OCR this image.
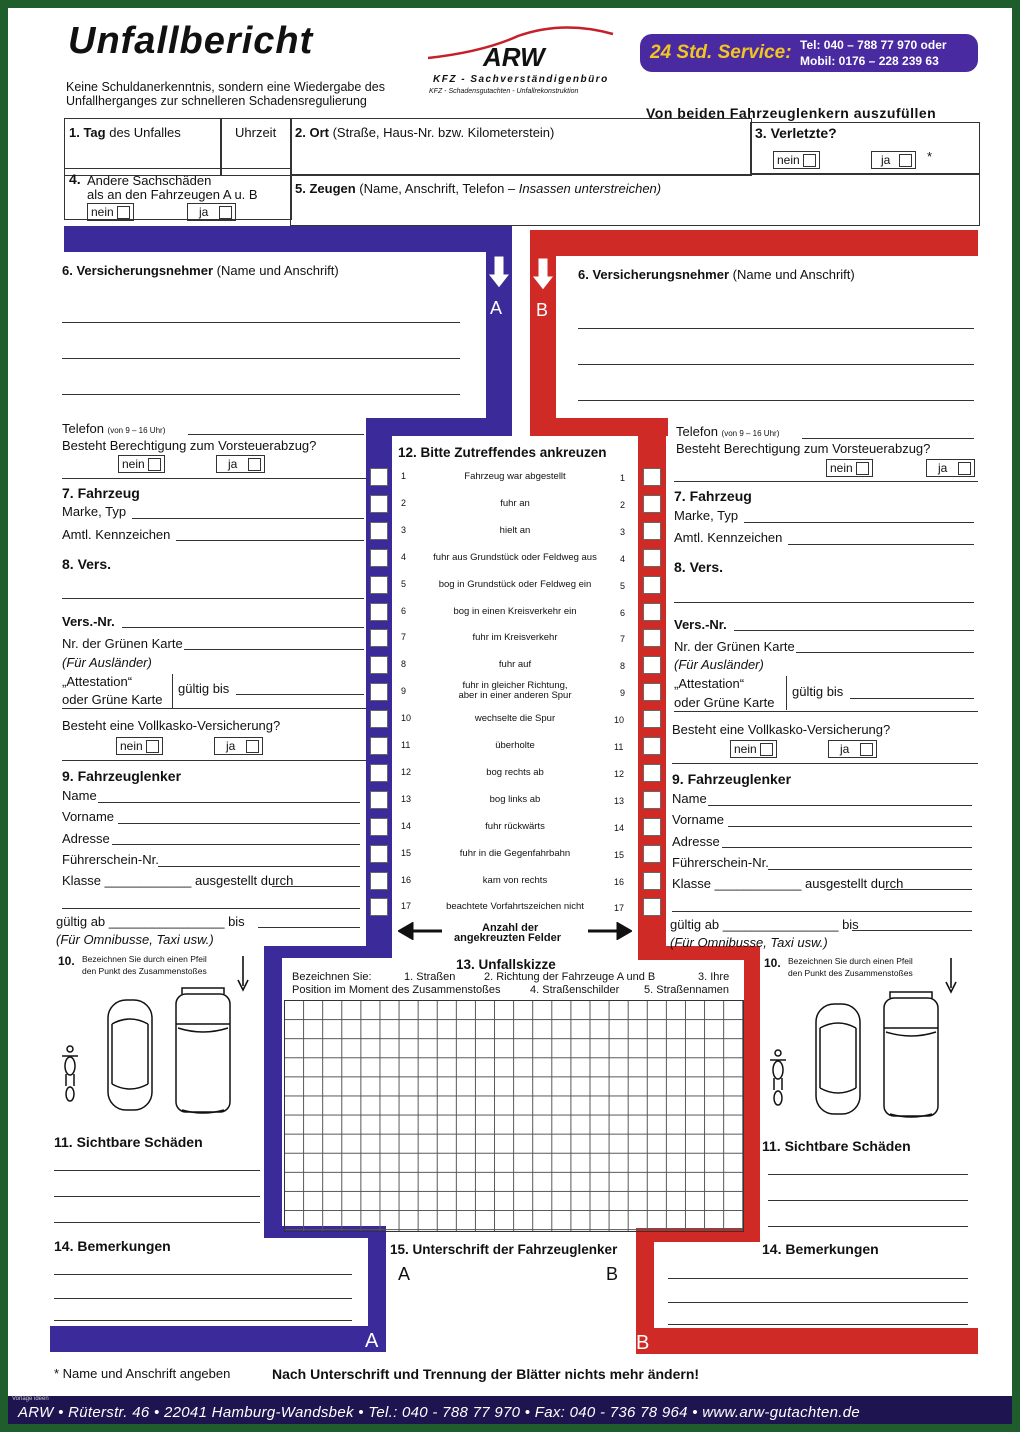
Unfallbericht
Keine Schuldanerkenntnis, sondern eine Wiedergabe des
Unfallherganges zur schnelleren Schadensregulierung
ARW
KFZ - Sachverständigenbüro
KFZ - Schadensgutachten - Unfallrekonstruktion
24 Std. Service: Tel: 040 – 788 77 970 oder
Mobil: 0176 – 228 239 63
Von beiden Fahrzeuglenkern auszufüllen
1. Tag des Unfalles	Uhrzeit 2. Ort (Straße, Haus-Nr. bzw. Kilometerstein)	3. Verletzte?
nein	ja	*
4. Andere Sachschäden
als an den Fahrzeugen A u. B
nein	ja
5. Zeugen (Name, Anschrift, Telefon – Insassen unterstreichen)
A B
6. Versicherungsnehmer (Name und Anschrift)
Telefon (von 9 – 16 Uhr)
Besteht Berechtigung zum Vorsteuerabzug?
nein	ja
7. Fahrzeug
Marke, Typ
Amtl. Kennzeichen
8. Vers.
Vers.-Nr.
Nr. der Grünen Karte
(Für Ausländer)
„Attestation“
oder Grüne Karte
gültig bis
Besteht eine Vollkasko-Versicherung?
nein	ja
9. Fahrzeuglenker
Name
Vorname
Adresse
Führerschein-Nr.
Klasse ____________ ausgestellt durch
gültig ab ________________ bis
(Für Omnibusse, Taxi usw.)
10. Bezeichnen Sie durch einen Pfeil
den Punkt des Zusammenstoßes
11. Sichtbare Schäden
14. Bemerkungen
6. Versicherungsnehmer (Name und Anschrift)
Telefon (von 9 – 16 Uhr)
Besteht Berechtigung zum Vorsteuerabzug?
nein	ja
7. Fahrzeug
Marke, Typ
Amtl. Kennzeichen
8. Vers.
Vers.-Nr.
Nr. der Grünen Karte
(Für Ausländer)
„Attestation“
oder Grüne Karte
gültig bis
Besteht eine Vollkasko-Versicherung?
nein	ja
9. Fahrzeuglenker
Name
Vorname
Adresse
Führerschein-Nr.
Klasse ____________ ausgestellt durch
gültig ab ________________ bis
(Für Omnibusse, Taxi usw.)
10. Bezeichnen Sie durch einen Pfeil
den Punkt des Zusammenstoßes
11. Sichtbare Schäden
14. Bemerkungen
12. Bitte Zutreffendes ankreuzen
1	1
Fahrzeug war abgestellt
2	2
fuhr an
3	3
hielt an
4	4
fuhr aus Grundstück oder Feldweg aus
5	5
bog in Grundstück oder Feldweg ein
6	6
bog in einen Kreisverkehr ein
7	7
fuhr im Kreisverkehr
8	8
fuhr auf
9	9
fuhr in gleicher Richtung,
aber in einer anderen Spur
10	10
wechselte die Spur
11	11
überholte
12	12
bog rechts ab
13	13
bog links ab
14	14
fuhr rückwärts
15	15
fuhr in die Gegenfahrbahn
16	16
kam von rechts
17	17
beachtete Vorfahrtszeichen nicht
Anzahl der
angekreuzten Felder
13. Unfallskizze
Bezeichnen Sie:	1. Straßen	2. Richtung der Fahrzeuge A und B	3. Ihre
Position im Moment des Zusammenstoßes	4. Straßenschilder 5. Straßennamen
15. Unterschrift der Fahrzeuglenker
A	B
A	B
* Name und Anschrift angeben	Nach Unterschrift und Trennung der Blätter nichts mehr ändern!
Vorlage ideen
ARW • Rüterstr. 46 • 22041 Hamburg-Wandsbek • Tel.: 040 - 788 77 970 • Fax: 040 - 736 78 964 • www.arw-gutachten.de
